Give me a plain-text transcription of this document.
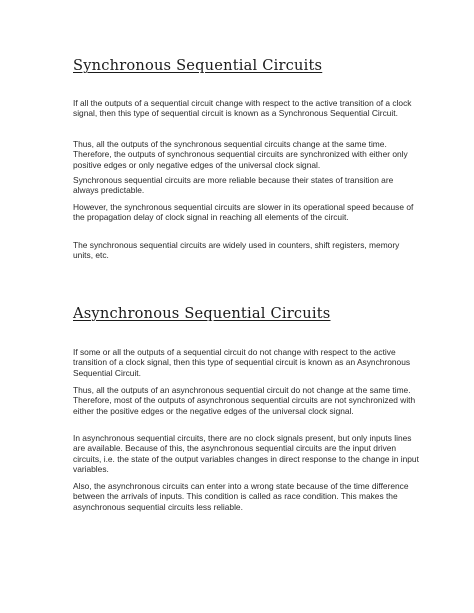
Synchronous Sequential Circuits

If all the outputs of a sequential circuit change with respect to the active transition of a clock signal, then this type of sequential circuit is known as a Synchronous Sequential Circuit.

Thus, all the outputs of the synchronous sequential circuits change at the same time. Therefore, the outputs of synchronous sequential circuits are synchronized with either only positive edges or only negative edges of the universal clock signal.

Synchronous sequential circuits are more reliable because their states of transition are always predictable.

However, the synchronous sequential circuits are slower in its operational speed because of the propagation delay of clock signal in reaching all elements of the circuit.

The synchronous sequential circuits are widely used in counters, shift registers, memory units, etc.

Asynchronous Sequential Circuits

If some or all the outputs of a sequential circuit do not change with respect to the active transition of a clock signal, then this type of sequential circuit is known as an Asynchronous Sequential Circuit.

Thus, all the outputs of an asynchronous sequential circuit do not change at the same time. Therefore, most of the outputs of asynchronous sequential circuits are not synchronized with either the positive edges or the negative edges of the universal clock signal.

In asynchronous sequential circuits, there are no clock signals present, but only inputs lines are available. Because of this, the asynchronous sequential circuits are the input driven circuits, i.e. the state of the output variables changes in direct response to the change in input variables.

Also, the asynchronous circuits can enter into a wrong state because of the time difference between the arrivals of inputs. This condition is called as race condition. This makes the asynchronous sequential circuits less reliable.
